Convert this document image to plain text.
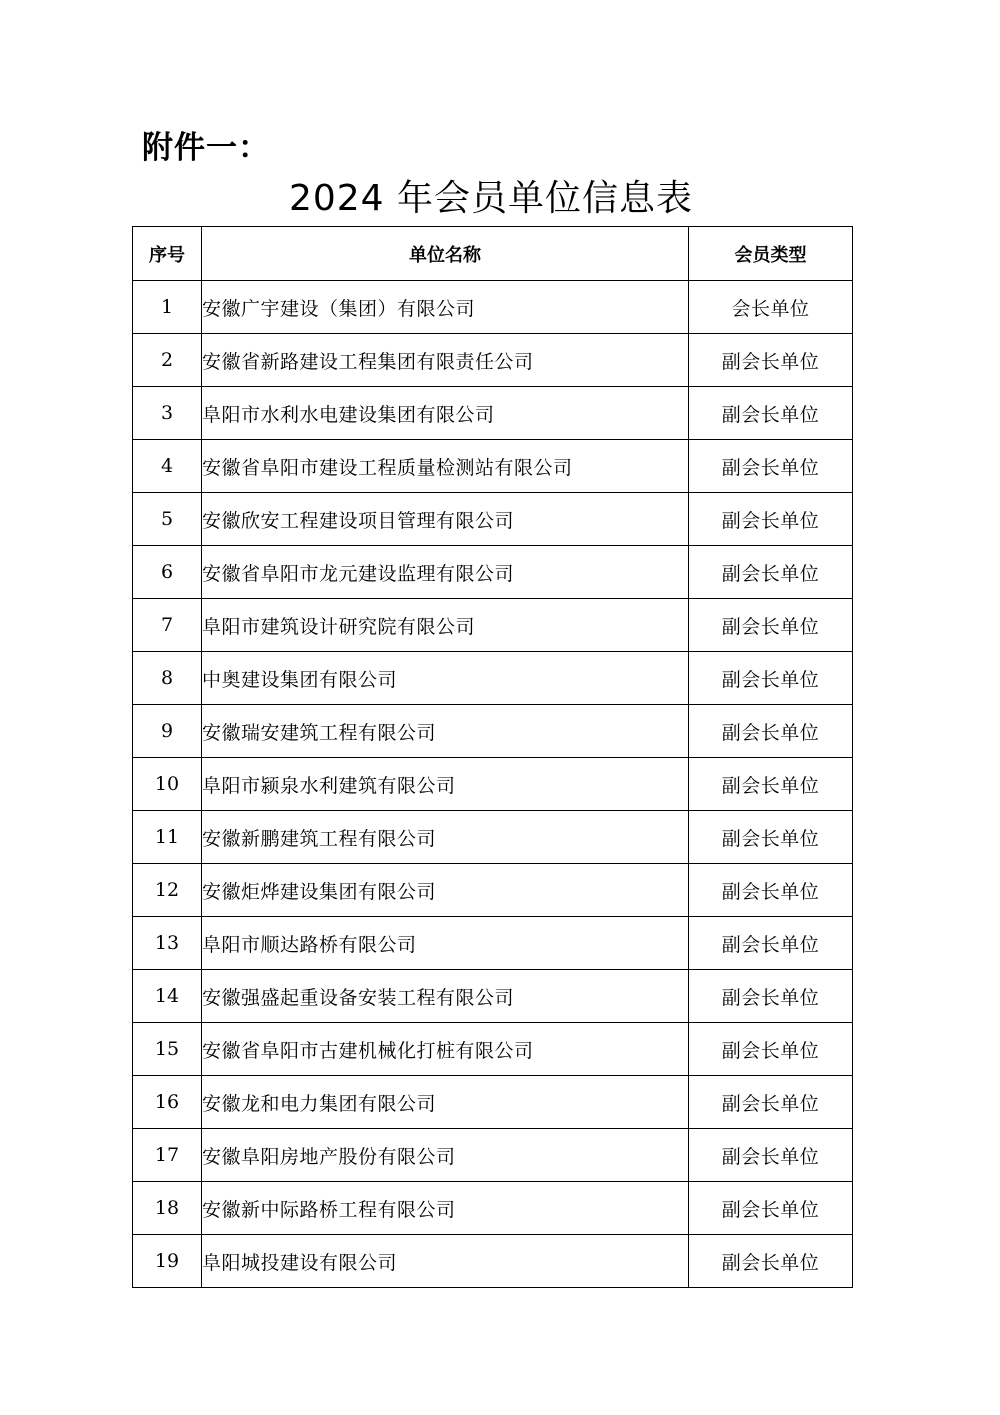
附件一：
2024 年会员单位信息表
序号	单位名称	会员类型
1	安徽广宇建设（集团）有限公司	会长单位
2	安徽省新路建设工程集团有限责任公司	副会长单位
3	阜阳市水利水电建设集团有限公司	副会长单位
4	安徽省阜阳市建设工程质量检测站有限公司	副会长单位
5	安徽欣安工程建设项目管理有限公司	副会长单位
6	安徽省阜阳市龙元建设监理有限公司	副会长单位
7	阜阳市建筑设计研究院有限公司	副会长单位
8	中奥建设集团有限公司	副会长单位
9	安徽瑞安建筑工程有限公司	副会长单位
10	阜阳市颍泉水利建筑有限公司	副会长单位
11	安徽新鹏建筑工程有限公司	副会长单位
12	安徽炬烨建设集团有限公司	副会长单位
13	阜阳市顺达路桥有限公司	副会长单位
14	安徽强盛起重设备安装工程有限公司	副会长单位
15	安徽省阜阳市古建机械化打桩有限公司	副会长单位
16	安徽龙和电力集团有限公司	副会长单位
17	安徽阜阳房地产股份有限公司	副会长单位
18	安徽新中际路桥工程有限公司	副会长单位
19	阜阳城投建设有限公司	副会长单位
